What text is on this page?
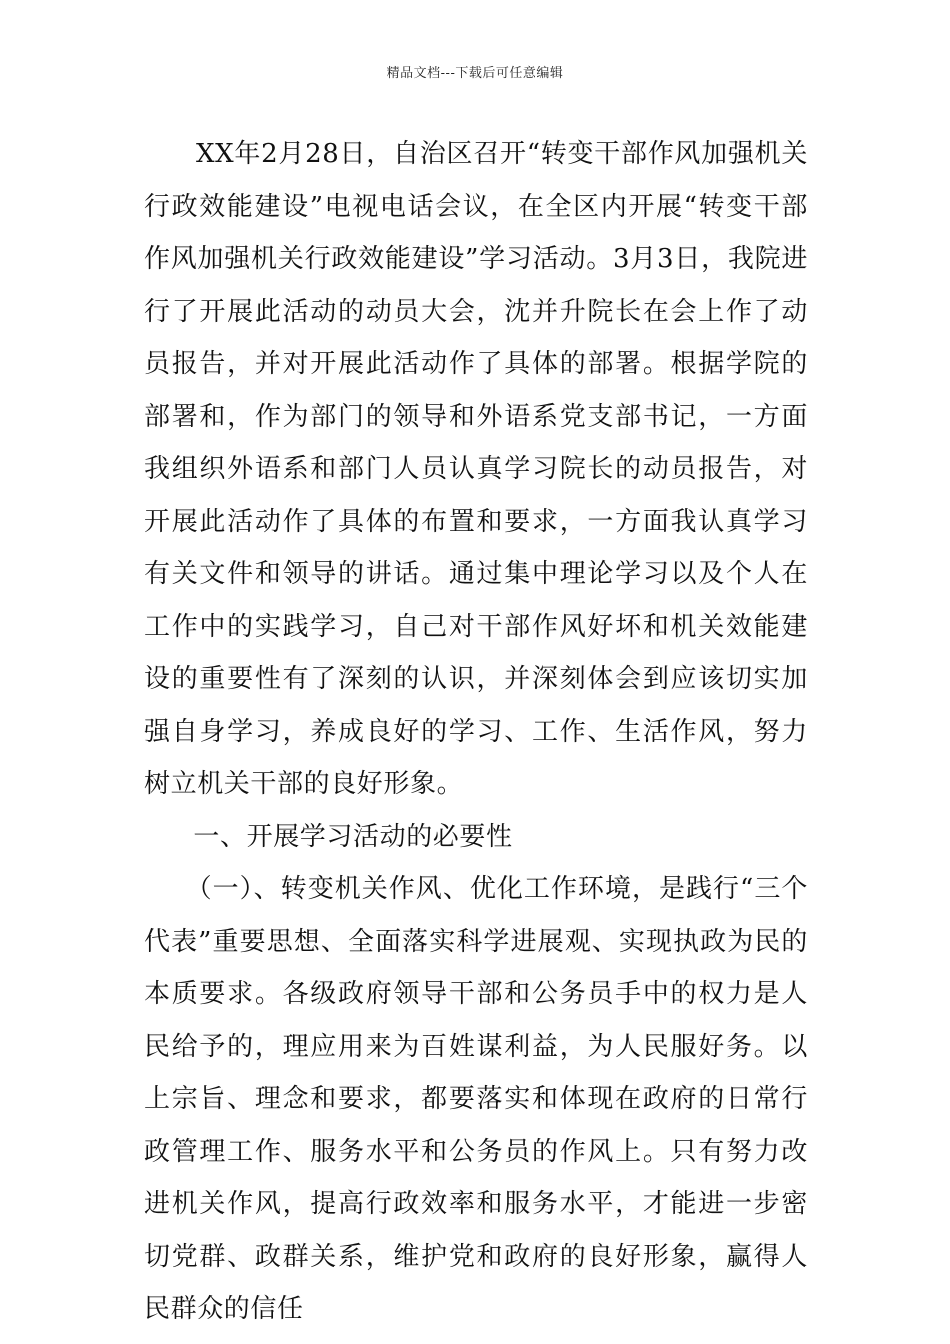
精品文档---下载后可任意编辑

XX年2月28日，自治区召开“转变干部作风加强机关行政效能建设”电视电话会议，在全区内开展“转变干部作风加强机关行政效能建设”学习活动。3月3日，我院进行了开展此活动的动员大会，沈并升院长在会上作了动员报告，并对开展此活动作了具体的部署。根据学院的部署和，作为部门的领导和外语系党支部书记，一方面我组织外语系和部门人员认真学习院长的动员报告，对开展此活动作了具体的布置和要求，一方面我认真学习有关文件和领导的讲话。通过集中理论学习以及个人在工作中的实践学习，自己对干部作风好坏和机关效能建设的重要性有了深刻的认识，并深刻体会到应该切实加强自身学习，养成良好的学习、工作、生活作风，努力树立机关干部的良好形象。

一、开展学习活动的必要性

（一）、转变机关作风、优化工作环境，是践行“三个代表”重要思想、全面落实科学进展观、实现执政为民的本质要求。各级政府领导干部和公务员手中的权力是人民给予的，理应用来为百姓谋利益，为人民服好务。以上宗旨、理念和要求，都要落实和体现在政府的日常行政管理工作、服务水平和公务员的作风上。只有努力改进机关作风，提高行政效率和服务水平，才能进一步密切党群、政群关系，维护党和政府的良好形象，赢得人民群众的信任
